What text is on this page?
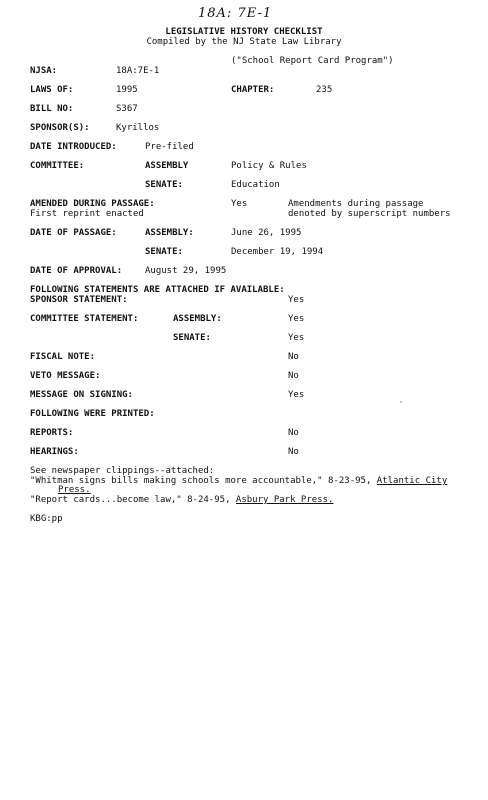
18A: 7E-1
LEGISLATIVE HISTORY CHECKLIST
Compiled by the NJ State Law Library
("School Report Card Program")
NJSA:	18A:7E-1
LAWS OF:	1995	CHAPTER:	235
BILL NO:	S367
SPONSOR(S):	Kyrillos
DATE INTRODUCED:	Pre-filed
COMMITTEE:	ASSEMBLY	Policy & Rules
SENATE:	Education
AMENDED DURING PASSAGE:	Yes	Amendments during passage
First reprint enacted	denoted by superscript numbers
DATE OF PASSAGE:	ASSEMBLY:	June 26, 1995
SENATE:	December 19, 1994
DATE OF APPROVAL:	August 29, 1995
FOLLOWING STATEMENTS ARE ATTACHED IF AVAILABLE:
SPONSOR STATEMENT:	Yes
COMMITTEE STATEMENT:	ASSEMBLY:	Yes
SENATE:	Yes
FISCAL NOTE:	No
VETO MESSAGE:	No
MESSAGE ON SIGNING:	Yes
FOLLOWING WERE PRINTED:
REPORTS:	No
HEARINGS:	No
See newspaper clippings--attached:
"Whitman signs bills making schools more accountable," 8-23-95, Atlantic City
Press.
"Report cards...become law," 8-24-95, Asbury Park Press.
KBG:pp
